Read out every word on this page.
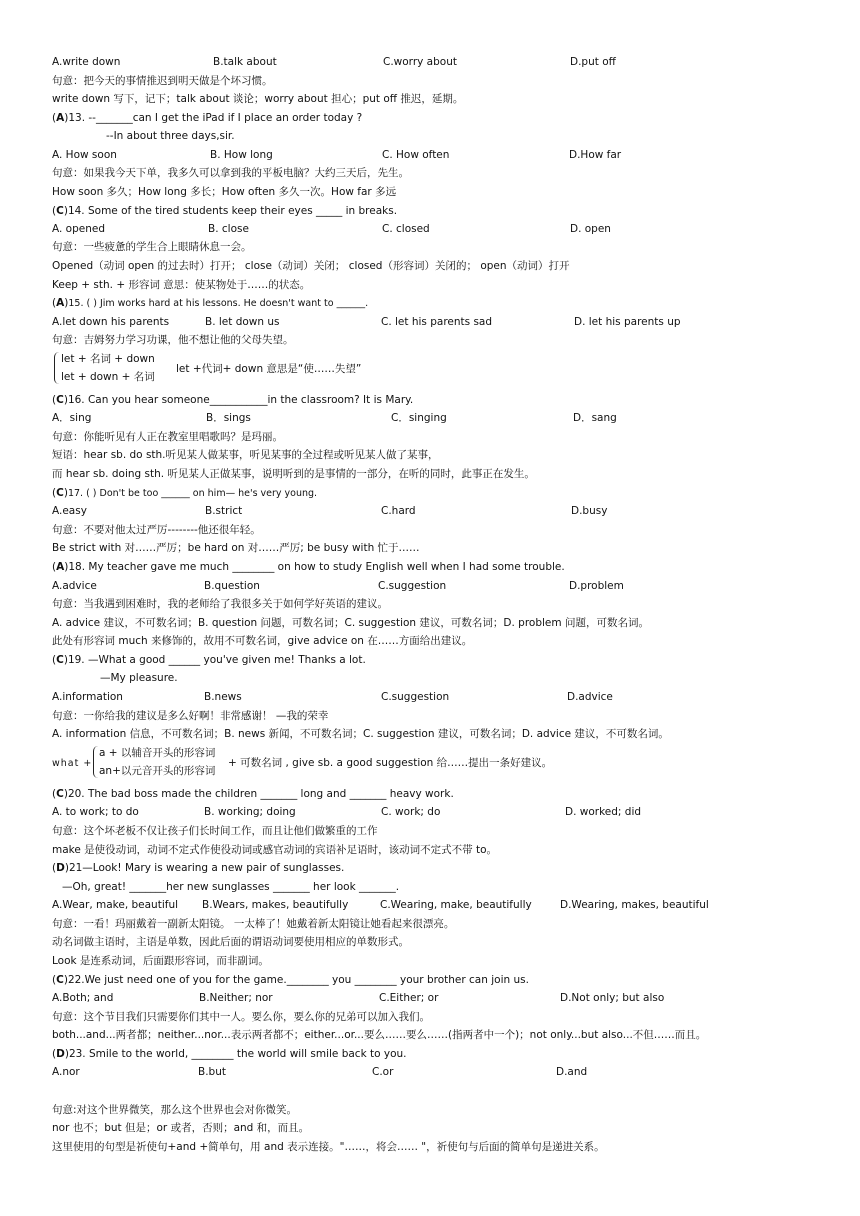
A.write down	B.talk about	C.worry about	D.put off
句意：把今天的事情推迟到明天做是个坏习惯。
write down 写下，记下；talk about 谈论；worry about 担心；put off 推迟，延期。
(A)13. --_______can I get the iPad if I place an order today ?
--In about three days,sir.
A. How soon	B. How long	C. How often	D.How far
句意：如果我今天下单，我多久可以拿到我的平板电脑？大约三天后，先生。
How soon 多久；How long 多长；How often 多久一次。How far 多远
(C)14. Some of the tired students keep their eyes _____ in breaks.
A. opened	B. close	C. closed	D. open
句意：一些疲惫的学生合上眼睛休息一会。
Opened（动词 open 的过去时）打开； close（动词）关闭； closed（形容词）关闭的； open（动词）打开
Keep + sth. + 形容词 意思：使某物处于……的状态。
(A)15. ( ) Jim works hard at his lessons. He doesn't want to ______.
A.let down his parents	B. let down us	C. let his parents sad	D. let his parents up
句意：吉姆努力学习功课，他不想让他的父母失望。
let + 名词 + down
let + down + 名词
let +代词+ down 意思是“使……失望”
(C)16. Can you hear someone___________in the classroom? It is Mary.
A．sing	B．sings	C．singing	D．sang
句意：你能听见有人正在教室里唱歌吗？是玛丽。
短语：hear sb. do sth.听见某人做某事，听见某事的全过程或听见某人做了某事，
而 hear sb. doing sth. 听见某人正做某事，说明听到的是事情的一部分，在听的同时，此事正在发生。
(C)17. ( ) Don't be too ______ on him— he's very young.
A.easy	B.strict	C.hard	D.busy
句意：不要对他太过严厉--------他还很年轻。
Be strict with 对……严厉；be hard on 对……严厉; be busy with 忙于……
(A)18. My teacher gave me much ________ on how to study English well when I had some trouble.
A.advice	B.question	C.suggestion	D.problem
句意：当我遇到困难时，我的老师给了我很多关于如何学好英语的建议。
A. advice 建议，不可数名词；B. question 问题，可数名词；C. suggestion 建议，可数名词；D. problem 问题，可数名词。
此处有形容词 much 来修饰的，故用不可数名词，give advice on 在……方面给出建议。
(C)19. —What a good ______ you've given me! Thanks a lot.
—My pleasure.
A.information	B.news	C.suggestion	D.advice
句意：一你给我的建议是多么好啊！非常感谢！ —我的荣幸
A. information 信息，不可数名词；B. news 新闻，不可数名词；C. suggestion 建议，可数名词；D. advice 建议，不可数名词。
what +
a + 以辅音开头的形容词
an+以元音开头的形容词
+ 可数名词 , give sb. a good suggestion 给……提出一条好建议。
(C)20. The bad boss made the children _______ long and _______ heavy work.
A. to work; to do	B. working; doing	C. work; do	D. worked; did
句意：这个坏老板不仅让孩子们长时间工作，而且让他们做繁重的工作
make 是使役动词，动词不定式作使役动词或感官动词的宾语补足语时，该动词不定式不带 to。
(D)21—Look! Mary is wearing a new pair of sunglasses.
—Oh, great! _______her new sunglasses _______ her look _______.
A.Wear, make, beautiful B.Wears, makes, beautifully	C.Wearing, make, beautifully	D.Wearing, makes, beautiful
句意：一看！玛丽戴着一副新太阳镜。 一太棒了！她戴着新太阳镜让她看起来很漂亮。
动名词做主语时，主语是单数，因此后面的谓语动词要使用相应的单数形式。
Look 是连系动词，后面跟形容词，而非副词。
(C)22.We just need one of you for the game.________ you ________ your brother can join us.
A.Both; and	B.Neither; nor	C.Either; or	D.Not only; but also
句意：这个节目我们只需要你们其中一人。要么你，要么你的兄弟可以加入我们。
both...and...两者都；neither...nor...表示两者都不；either...or...要么……要么……(指两者中一个)；not only...but also...不但……而且。
(D)23. Smile to the world, ________ the world will smile back to you.
A.nor	B.but	C.or	D.and
句意:对这个世界微笑，那么这个世界也会对你微笑。
nor 也不；but 但是；or 或者，否则；and 和，而且。
这里使用的句型是祈使句+and +简单句，用 and 表示连接。"……，将会…… "，祈使句与后面的简单句是递进关系。
